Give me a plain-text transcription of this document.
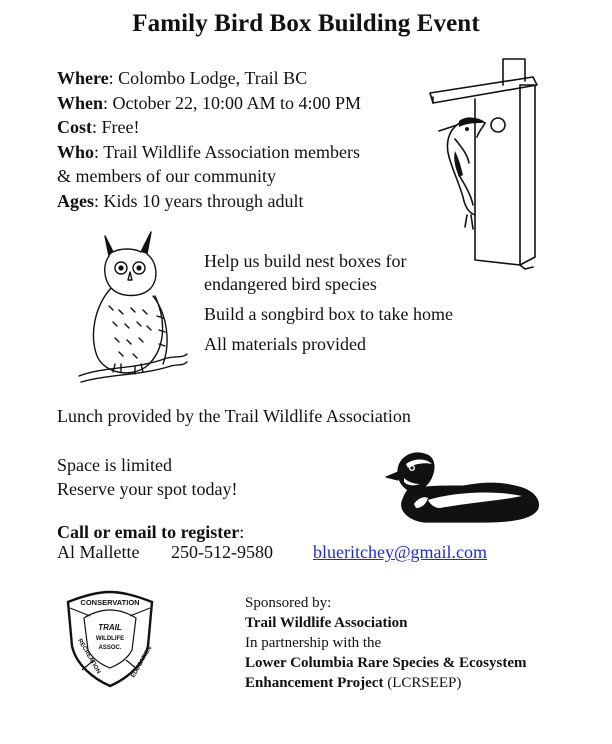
Family Bird Box Building Event
Where: Colombo Lodge, Trail BC
When: October 22, 10:00 AM to 4:00 PM
Cost: Free!
Who: Trail Wildlife Association members
& members of our community
Ages: Kids 10 years through adult

Help us build nest boxes for endangered bird species

Build a songbird box to take home

All materials provided

Lunch provided by the Trail Wildlife Association
Space is limited
Reserve your spot today!
Call or email to register:
Al Mallette 250-512-9580 blueritchey@gmail.com
CONSERVATION
TRAIL
WILDLIFE
ASSOC.
RECREATION	EDUCATION
Sponsored by:
Trail Wildlife Association
In partnership with the
Lower Columbia Rare Species & Ecosystem
Enhancement Project (LCRSEEP)
